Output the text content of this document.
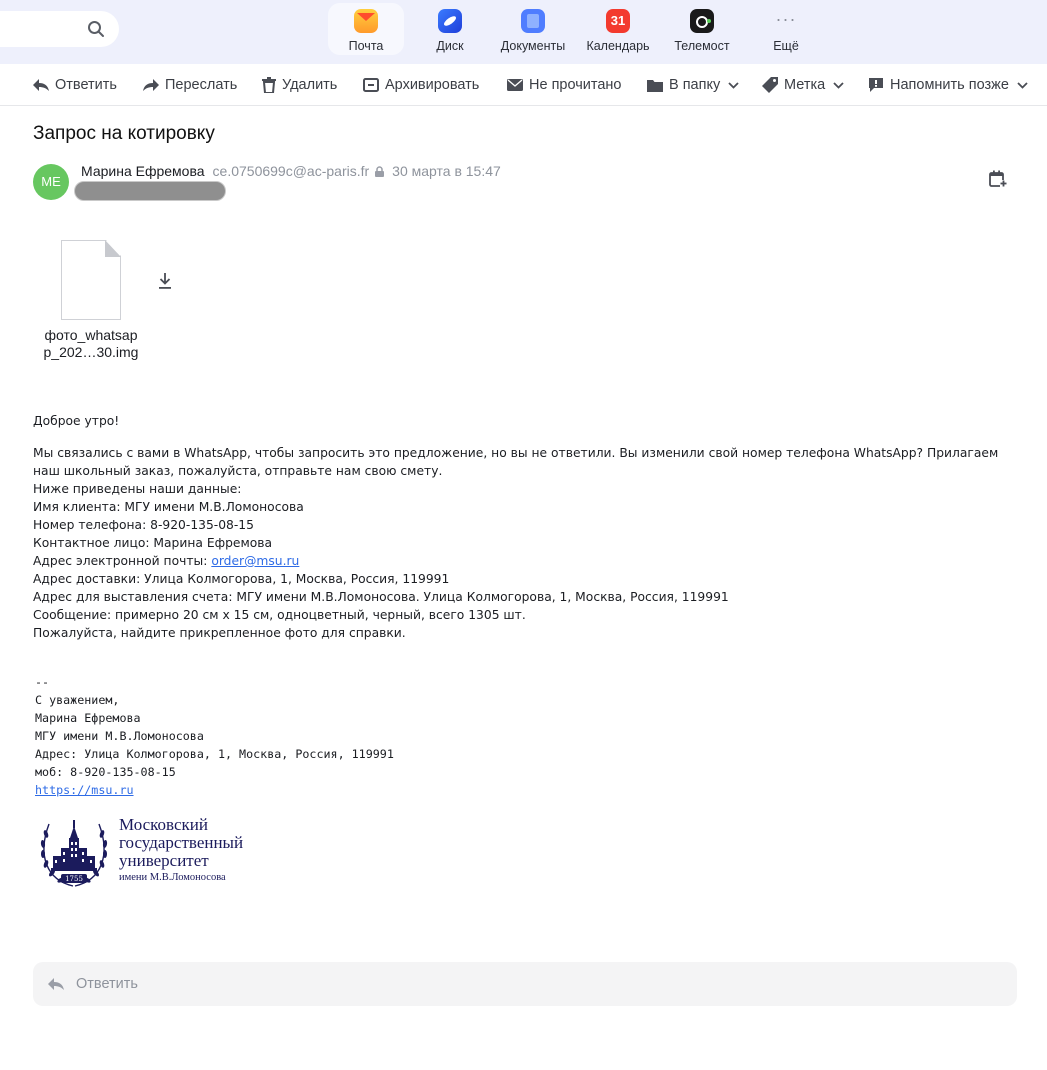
Почта	Диск	Документы
31
Календарь	Телемост
···
Ещё
Ответить	Переслать	Удалить	Архивировать	Не прочитано	В папку	Метка	Напомнить позже
Запрос на котировку
МЕ
Марина Ефремова ce.0750699c@ac-paris.fr 30 марта в 15:47
фото_whatsap
p_202…30.img

Доброе утро!

Мы связались с вами в WhatsApp, чтобы запросить это предложение, но вы не ответили. Вы изменили свой номер телефона WhatsApp? Прилагаем наш школьный заказ, пожалуйста, отправьте нам свою смету.

Ниже приведены наши данные:

Имя клиента: МГУ имени М.В.Ломоносова

Номер телефона: 8-920-135-08-15

Контактное лицо: Марина Ефремова

Адрес электронной почты: order@msu.ru

Адрес доставки: Улица Колмогорова, 1, Москва, Россия, 119991

Адрес для выставления счета: МГУ имени М.В.Ломоносова. Улица Колмогорова, 1, Москва, Россия, 119991

Сообщение: примерно 20 см х 15 см, одноцветный, черный, всего 1305 шт.

Пожалуйста, найдите прикрепленное фото для справки.

--
С уважением,
Марина Ефремова
МГУ имени М.В.Ломоносова
Адрес: Улица Колмогорова, 1, Москва, Россия, 119991
моб: 8-920-135-08-15
https://msu.ru
1755
Московский
государственный
университет
имени М.В.Ломоносова
Ответить
